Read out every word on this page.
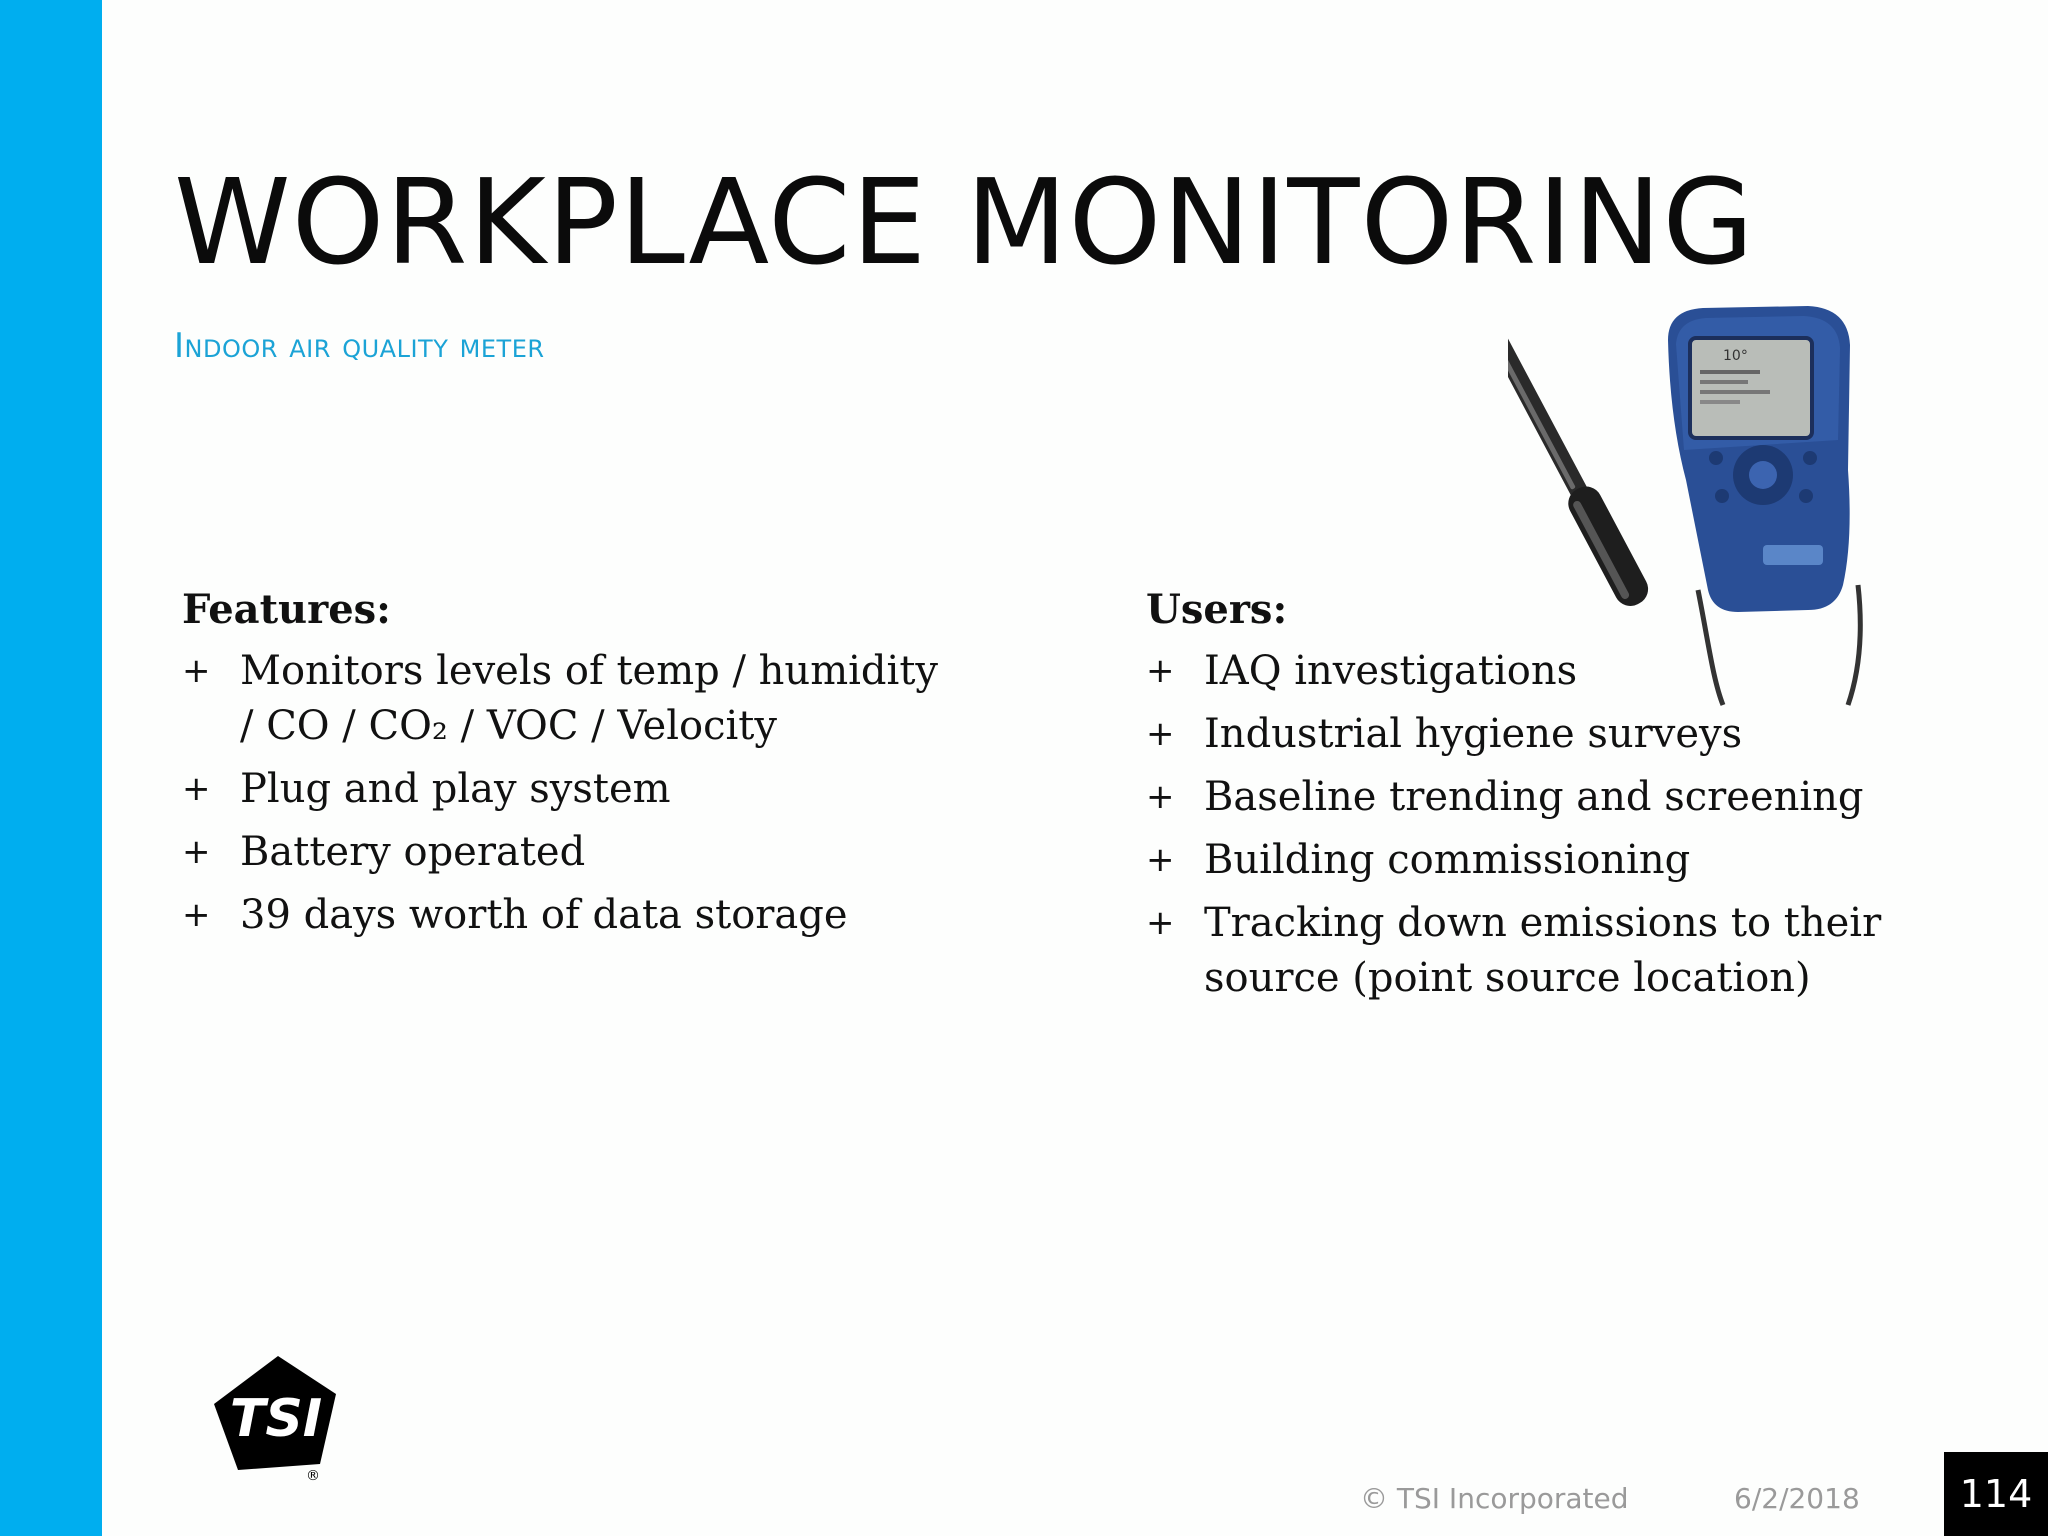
WORKPLACE MONITORING
Indoor air quality meter
Features:
+ Monitors levels of temp / humidity / CO / CO₂ / VOC / Velocity
+ Plug and play system
+ Battery operated
+ 39 days worth of data storage
Users:
+ IAQ investigations
+ Industrial hygiene surveys
+ Baseline trending and screening
+ Building commissioning
+ Tracking down emissions to their source (point source location)
10°
TSI
®
© TSI Incorporated	6/2/2018	114
